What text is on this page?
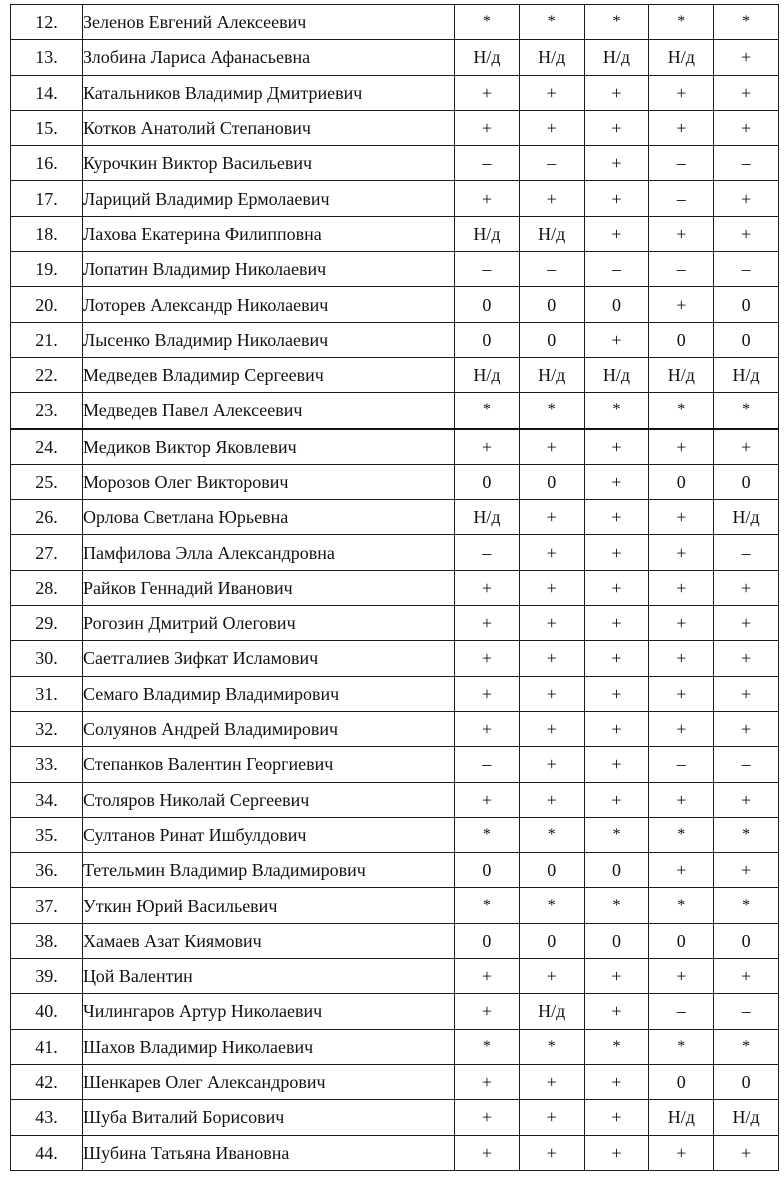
12.	Зеленов Евгений Алексеевич	*	*	*	*	*
13.	Злобина Лариса Афанасьевна	Н/д	Н/д	Н/д	Н/д	+
14.	Катальников Владимир Дмитриевич	+	+	+	+	+
15.	Котков Анатолий Степанович	+	+	+	+	+
16.	Курочкин Виктор Васильевич	–	–	+	–	–
17.	Лариций Владимир Ермолаевич	+	+	+	–	+
18.	Лахова Екатерина Филипповна	Н/д	Н/д	+	+	+
19.	Лопатин Владимир Николаевич	–	–	–	–	–
20.	Лоторев Александр Николаевич	0	0	0	+	0
21.	Лысенко Владимир Николаевич	0	0	+	0	0
22.	Медведев Владимир Сергеевич	Н/д	Н/д	Н/д	Н/д	Н/д
23.	Медведев Павел Алексеевич	*	*	*	*	*
24.	Медиков Виктор Яковлевич	+	+	+	+	+
25.	Морозов Олег Викторович	0	0	+	0	0
26.	Орлова Светлана Юрьевна	Н/д	+	+	+	Н/д
27.	Памфилова Элла Александровна	–	+	+	+	–
28.	Райков Геннадий Иванович	+	+	+	+	+
29.	Рогозин Дмитрий Олегович	+	+	+	+	+
30.	Саетгалиев Зифкат Исламович	+	+	+	+	+
31.	Семаго Владимир Владимирович	+	+	+	+	+
32.	Солуянов Андрей Владимирович	+	+	+	+	+
33.	Степанков Валентин Георгиевич	–	+	+	–	–
34.	Столяров Николай Сергеевич	+	+	+	+	+
35.	Султанов Ринат Ишбулдович	*	*	*	*	*
36.	Тетельмин Владимир Владимирович	0	0	0	+	+
37.	Уткин Юрий Васильевич	*	*	*	*	*
38.	Хамаев Азат Киямович	0	0	0	0	0
39.	Цой Валентин	+	+	+	+	+
40.	Чилингаров Артур Николаевич	+	Н/д	+	–	–
41.	Шахов Владимир Николаевич	*	*	*	*	*
42.	Шенкарев Олег Александрович	+	+	+	0	0
43.	Шуба Виталий Борисович	+	+	+	Н/д	Н/д
44.	Шубина Татьяна Ивановна	+	+	+	+	+
